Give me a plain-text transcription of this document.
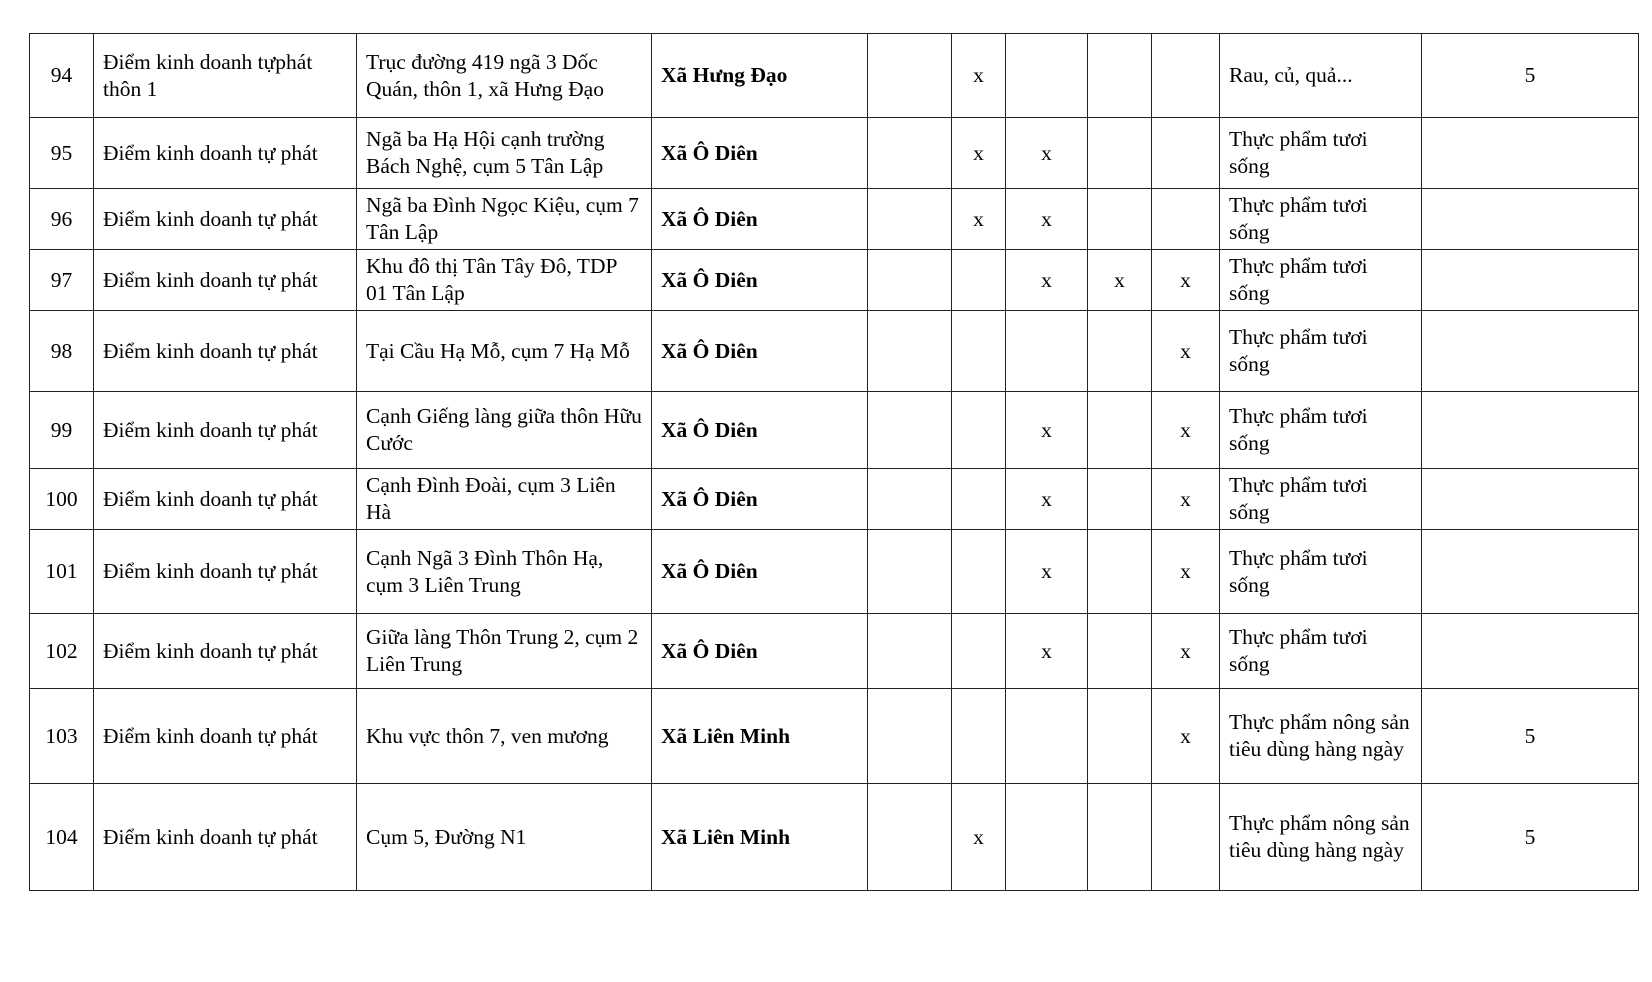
94	Điểm kinh doanh tựphát thôn 1	Trục đường 419 ngã 3 Dốc Quán, thôn 1, xã Hưng Đạo	Xã Hưng Đạo		x				Rau, củ, quả...	5
95	Điểm kinh doanh tự phát	Ngã ba Hạ Hội cạnh trường Bách Nghệ, cụm 5 Tân Lập	Xã Ô Diên		x	x			Thực phẩm tươi sống	
96	Điểm kinh doanh tự phát	Ngã ba Đình Ngọc Kiệu, cụm 7 Tân Lập	Xã Ô Diên		x	x			Thực phẩm tươi sống	
97	Điểm kinh doanh tự phát	Khu đô thị Tân Tây Đô, TDP 01 Tân Lập	Xã Ô Diên			x	x	x	Thực phẩm tươi sống	
98	Điểm kinh doanh tự phát	Tại Cầu Hạ Mỗ, cụm 7 Hạ Mỗ	Xã Ô Diên					x	Thực phẩm tươi sống	
99	Điểm kinh doanh tự phát	Cạnh Giếng làng giữa thôn Hữu Cước	Xã Ô Diên			x		x	Thực phẩm tươi sống	
100	Điểm kinh doanh tự phát	Cạnh Đình Đoài, cụm 3 Liên Hà	Xã Ô Diên			x		x	Thực phẩm tươi sống	
101	Điểm kinh doanh tự phát	Cạnh Ngã 3 Đình Thôn Hạ, cụm 3 Liên Trung	Xã Ô Diên			x		x	Thực phẩm tươi sống	
102	Điểm kinh doanh tự phát	Giữa làng Thôn Trung 2, cụm 2 Liên Trung	Xã Ô Diên			x		x	Thực phẩm tươi sống	
103	Điểm kinh doanh tự phát	Khu vực thôn 7, ven mương	Xã Liên Minh					x	Thực phẩm nông sản tiêu dùng hàng ngày	5
104	Điểm kinh doanh tự phát	Cụm 5, Đường N1	Xã Liên Minh		x				Thực phẩm nông sản tiêu dùng hàng ngày	5
